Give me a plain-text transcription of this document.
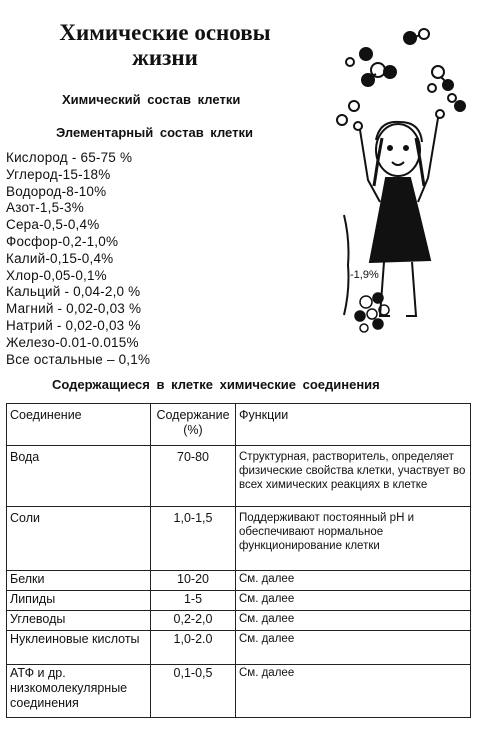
Химические основы жизни
Химический состав клетки
Элементарный состав клетки
Кислород - 65-75 %
Углерод-15-18%
Водород-8-10%
Азот-1,5-3%
Сера-0,5-0,4%
Фосфор-0,2-1,0%
Калий-0,15-0,4%
Хлор-0,05-0,1%
Кальций - 0,04-2,0 %
Магний - 0,02-0,03 %
Натрий - 0,02-0,03 %
Железо-0.01-0.015%
Все остальные – 0,1%
-1,9%
Содержащиеся в клетке химические соединения
Соединение	Содержание (%)	Функции
Вода	70-80	Структурная, растворитель, определяет физические свойства клетки, участвует во всех химических реакциях в клетке
Соли	1,0-1,5	Поддерживают постоянный pH и обеспечивают нормальное функционирование клетки
Белки	10-20	См. далее
Липиды	1-5	См. далее
Углеводы	0,2-2,0	См. далее
Нуклеиновые кислоты	1,0-2.0	См. далее
АТФ и др. низкомолекулярные соединения	0,1-0,5	См. далее
